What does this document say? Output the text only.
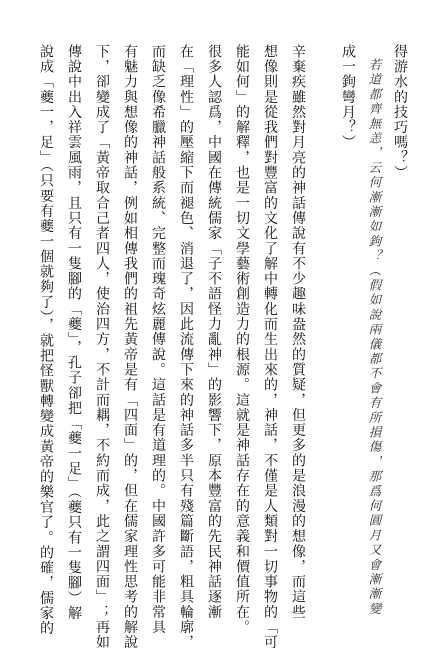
得游水的技巧嗎？）
若道都齊無恙，云何漸漸如鉤？（假如說兩儀都不會有所損傷，那爲何圓月又會漸漸變
成一鉤彎月？）
辛棄疾雖然對月亮的神話傳說有不少趣味盎然的質疑，但更多的是浪漫的想像，而這些
想像則是從我們對豐富的文化了解中轉化而生出來的，神話，不僅是人類對一切事物的「可
能如何」的解釋，也是一切文學藝術創造力的根源。這就是神話存在的意義和價值所在。
很多人認爲，中國在傳統儒家「子不語怪力亂神」的影響下，原本豐富的先民神話逐漸
在「理性」的壓縮下而褪色、消退了，因此流傳下來的神話多半只有殘篇斷語，粗具輪廓，
而缺乏像希臘神話般系統、完整而瑰奇炫麗傳說。這話是有道理的。中國許多可能非常具
有魅力與想像的神話，例如相傳我們的祖先黃帝是有「四面」的，但在儒家理性思考的解說
下，卻變成了「黃帝取合己者四人，使治四方，不計而耦，不約而成，此之謂四面」；再如
傳說中出入祥雲風雨，且只有一隻腳的「夔」，孔子卻把「夔一足」（夔只有一隻腳）解
說成「夔一，足」（只要有夔一個就夠了），就把怪獸轉變成黃帝的樂官了。的確，儒家的
